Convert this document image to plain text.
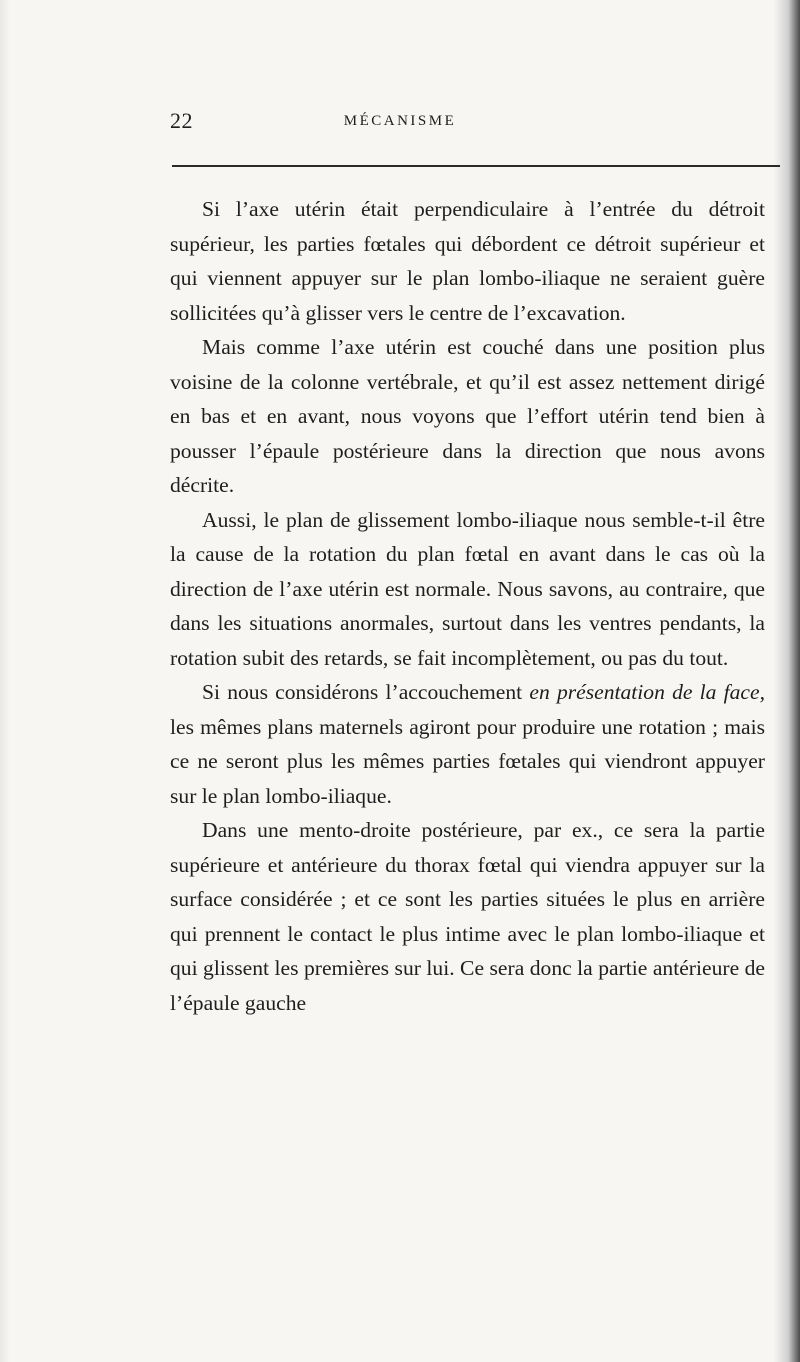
22	MÉCANISME

Si l’axe utérin était perpendiculaire à l’entrée du détroit supérieur, les parties fœtales qui débordent ce détroit supérieur et qui viennent appuyer sur le plan lombo-iliaque ne seraient guère sollicitées qu’à glisser vers le centre de l’excavation.

Mais comme l’axe utérin est couché dans une position plus voisine de la colonne vertébrale, et qu’il est assez nettement dirigé en bas et en avant, nous voyons que l’effort utérin tend bien à pousser l’épaule postérieure dans la direction que nous avons décrite.

Aussi, le plan de glissement lombo-iliaque nous semble-t-il être la cause de la rotation du plan fœtal en avant dans le cas où la direction de l’axe utérin est normale. Nous savons, au contraire, que dans les situations anormales, surtout dans les ventres pendants, la rotation subit des retards, se fait incomplètement, ou pas du tout.

Si nous considérons l’accouchement en présentation de la face, les mêmes plans maternels agiront pour produire une rotation ; mais ce ne seront plus les mêmes parties fœtales qui viendront appuyer sur le plan lombo-iliaque.

Dans une mento-droite postérieure, par ex., ce sera la partie supérieure et antérieure du thorax fœtal qui viendra appuyer sur la surface considérée ; et ce sont les parties situées le plus en arrière qui prennent le contact le plus intime avec le plan lombo-iliaque et qui glissent les premières sur lui. Ce sera donc la partie antérieure de l’épaule gauche
